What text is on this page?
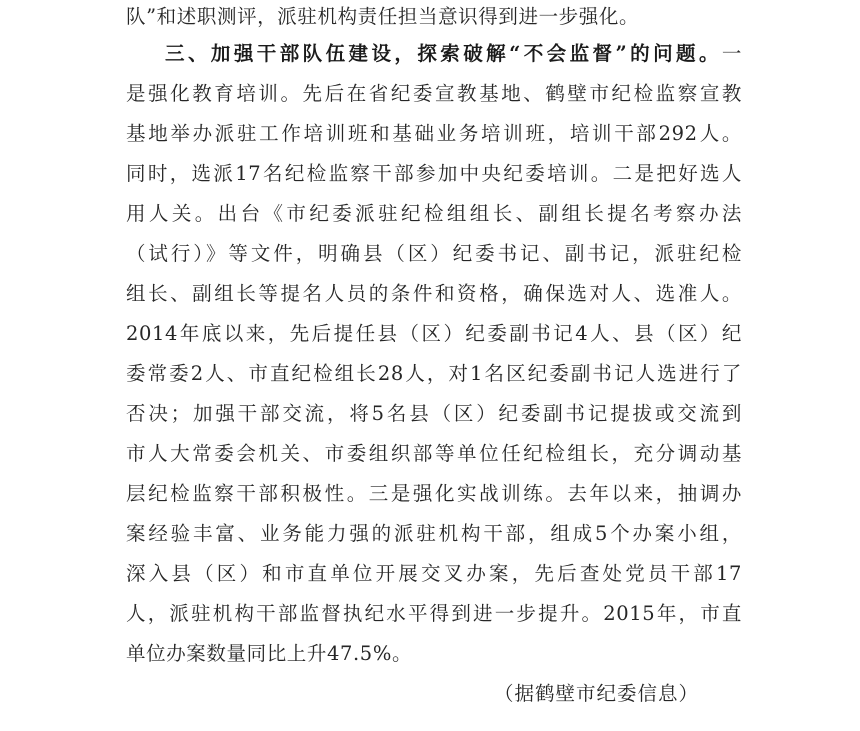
队”和述职测评，派驻机构责任担当意识得到进一步强化。
三、加强干部队伍建设，探索破解“不会监督”的问题。一
是强化教育培训。先后在省纪委宣教基地、鹤壁市纪检监察宣教
基地举办派驻工作培训班和基础业务培训班，培训干部292人。
同时，选派17名纪检监察干部参加中央纪委培训。二是把好选人
用人关。出台《市纪委派驻纪检组组长、副组长提名考察办法
（试行）》等文件，明确县（区）纪委书记、副书记，派驻纪检
组长、副组长等提名人员的条件和资格，确保选对人、选准人。
2014年底以来，先后提任县（区）纪委副书记4人、县（区）纪
委常委2人、市直纪检组长28人，对1名区纪委副书记人选进行了
否决；加强干部交流，将5名县（区）纪委副书记提拔或交流到
市人大常委会机关、市委组织部等单位任纪检组长，充分调动基
层纪检监察干部积极性。三是强化实战训练。去年以来，抽调办
案经验丰富、业务能力强的派驻机构干部，组成5个办案小组，
深入县（区）和市直单位开展交叉办案，先后查处党员干部17
人，派驻机构干部监督执纪水平得到进一步提升。2015年，市直
单位办案数量同比上升47.5%。
（据鹤壁市纪委信息）
